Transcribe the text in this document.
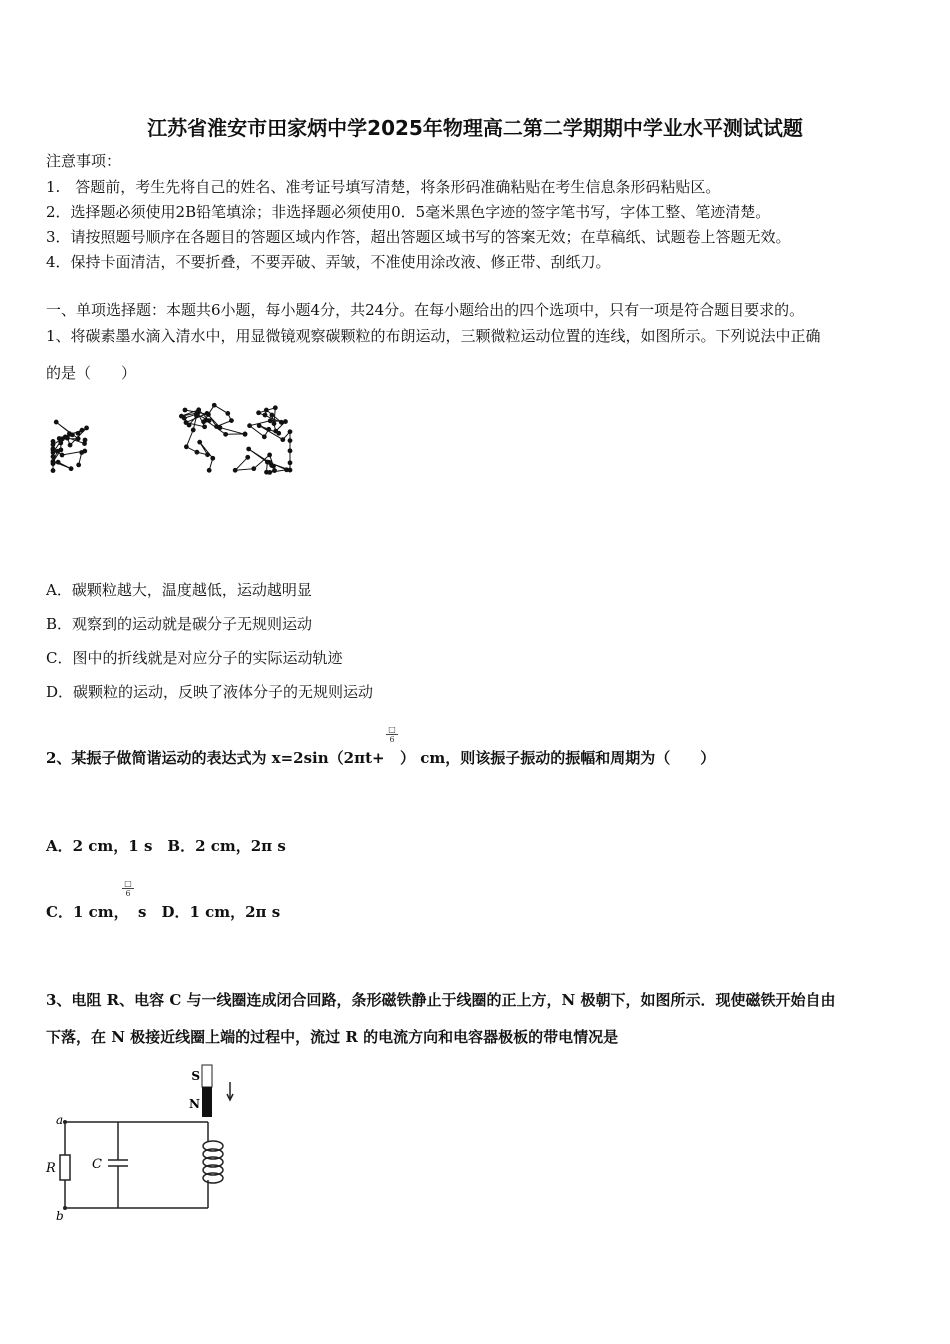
江苏省淮安市田家炳中学2025年物理高二第二学期期中学业水平测试试题
注意事项：
1.　答题前，考生先将自己的姓名、准考证号填写清楚，将条形码准确粘贴在考生信息条形码粘贴区。
2．选择题必须使用2B铅笔填涂；非选择题必须使用0．5毫米黑色字迹的签字笔书写，字体工整、笔迹清楚。
3．请按照题号顺序在各题目的答题区域内作答，超出答题区域书写的答案无效；在草稿纸、试题卷上答题无效。
4．保持卡面清洁，不要折叠，不要弄破、弄皱，不准使用涂改液、修正带、刮纸刀。
一、单项选择题：本题共6小题，每小题4分，共24分。在每小题给出的四个选项中，只有一项是符合题目要求的。
1、将碳素墨水滴入清水中，用显微镜观察碳颗粒的布朗运动，三颗微粒运动位置的连线，如图所示。下列说法中正确
的是（　　）
A．碳颗粒越大，温度越低，运动越明显
B．观察到的运动就是碳分子无规则运动
C．图中的折线就是对应分子的实际运动轨迹
D．碳颗粒的运动，反映了液体分子的无规则运动
2、某振子做简谐运动的表达式为 x=2sin（2πt+
□
6
） cm，则该振子振动的振幅和周期为（　　）
A．2 cm，1 s　B．2 cm，2π s
C．1 cm，
□
6
s　D．1 cm，2π s
3、电阻 R、电容 C 与一线圈连成闭合回路，条形磁铁静止于线圈的正上方，N 极朝下，如图所示．现使磁铁开始自由
下落，在 N 极接近线圈上端的过程中，流过 R 的电流方向和电容器极板的带电情况是
a
b
R	C
S
N
